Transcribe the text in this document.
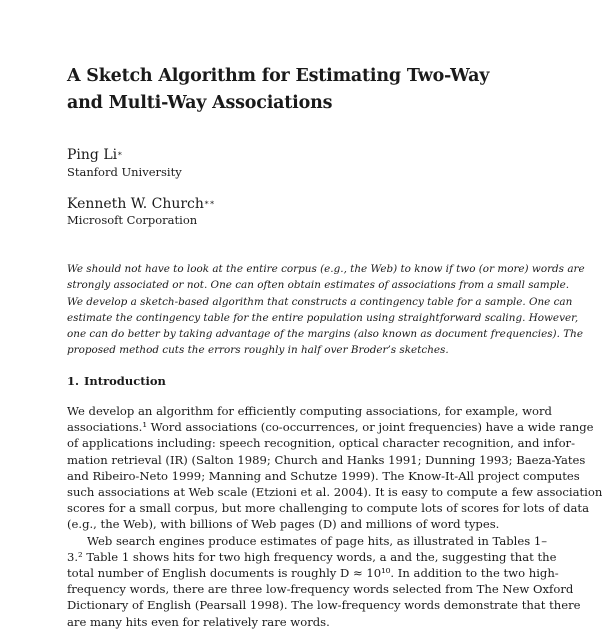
A Sketch Algorithm for Estimating Two-Way
and Multi-Way Associations
Ping Li∗
Stanford University
Kenneth W. Church∗∗
Microsoft Corporation
We should not have to look at the entire corpus (e.g., the Web) to know if two (or more) words are
strongly associated or not. One can often obtain estimates of associations from a small sample.
We develop a sketch-based algorithm that constructs a contingency table for a sample. One can
estimate the contingency table for the entire population using straightforward scaling. However,
one can do better by taking advantage of the margins (also known as document frequencies). The
proposed method cuts the errors roughly in half over Broder’s sketches.
1. Introduction
We develop an algorithm for efficiently computing associations, for example, word
associations.¹ Word associations (co-occurrences, or joint frequencies) have a wide range
of applications including: speech recognition, optical character recognition, and infor-
mation retrieval (IR) (Salton 1989; Church and Hanks 1991; Dunning 1993; Baeza-Yates
and Ribeiro-Neto 1999; Manning and Schutze 1999). The Know-It-All project computes
such associations at Web scale (Etzioni et al. 2004). It is easy to compute a few association
scores for a small corpus, but more challenging to compute lots of scores for lots of data
(e.g., the Web), with billions of Web pages (D) and millions of word types.
Web search engines produce estimates of page hits, as illustrated in Tables 1–
3.² Table 1 shows hits for two high frequency words, a and the, suggesting that the
total number of English documents is roughly D ≈ 10¹⁰. In addition to the two high-
frequency words, there are three low-frequency words selected from The New Oxford
Dictionary of English (Pearsall 1998). The low-frequency words demonstrate that there
are many hits even for relatively rare words.
